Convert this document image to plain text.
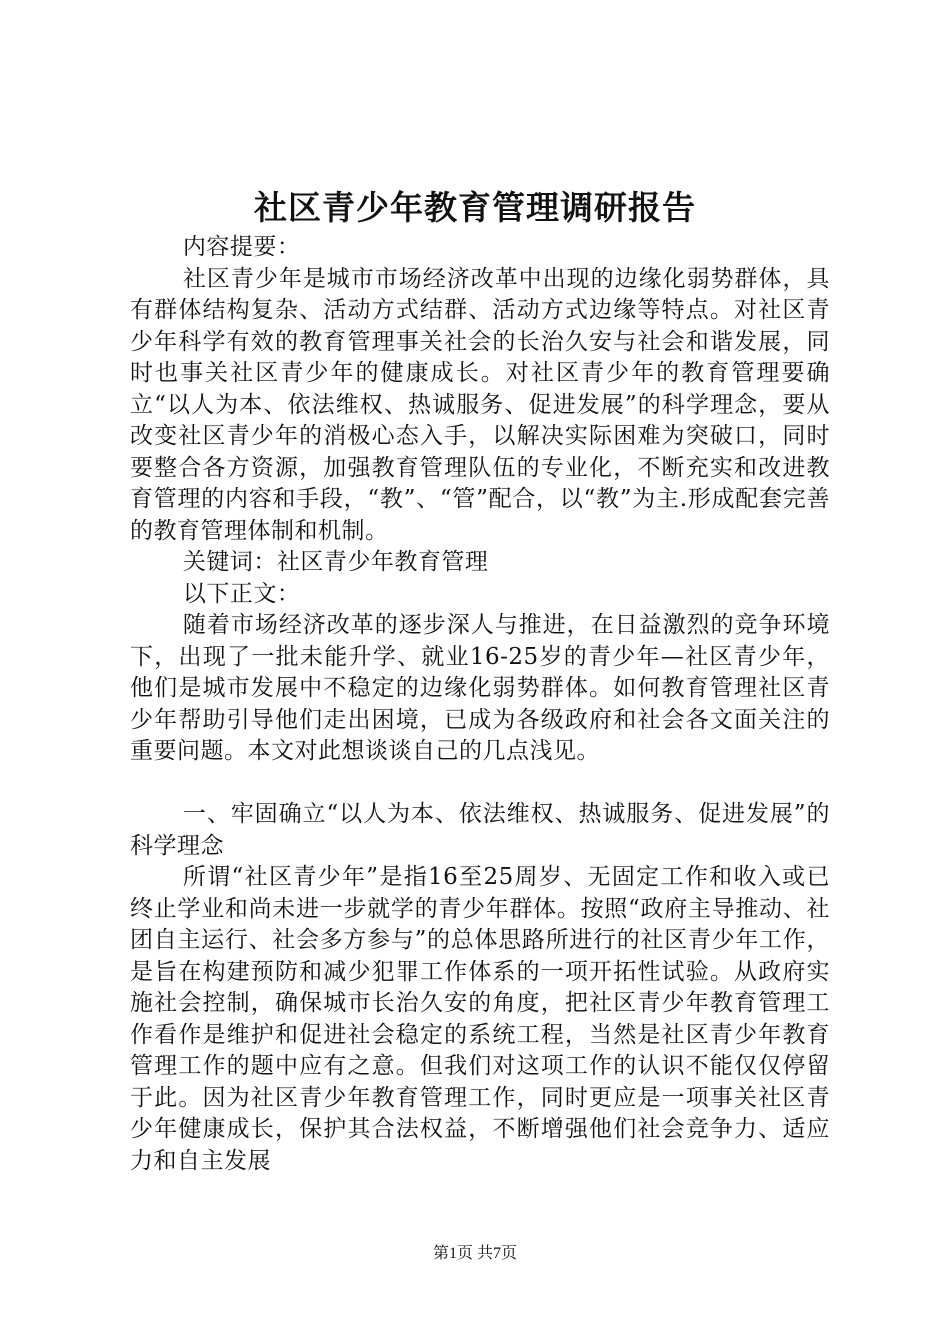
社区青少年教育管理调研报告

内容提要：

社区青少年是城市市场经济改革中出现的边缘化弱势群体，具有群体结构复杂、活动方式结群、活动方式边缘等特点。对社区青少年科学有效的教育管理事关社会的长治久安与社会和谐发展，同时也事关社区青少年的健康成长。对社区青少年的教育管理要确立“以人为本、依法维权、热诚服务、促进发展”的科学理念，要从改变社区青少年的消极心态入手，以解决实际困难为突破口，同时要整合各方资源，加强教育管理队伍的专业化，不断充实和改进教育管理的内容和手段，“教”、“管”配合，以“教”为主.形成配套完善的教育管理体制和机制。

关键词：社区青少年教育管理

以下正文：

随着市场经济改革的逐步深人与推进，在日益激烈的竞争环境下，出现了一批未能升学、就业16-25岁的青少年—社区青少年，他们是城市发展中不稳定的边缘化弱势群体。如何教育管理社区青少年帮助引导他们走出困境，已成为各级政府和社会各文面关注的重要问题。本文对此想谈谈自己的几点浅见。

一、牢固确立“以人为本、依法维权、热诚服务、促进发展”的科学理念

所谓“社区青少年”是指16至25周岁、无固定工作和收入或已终止学业和尚未进一步就学的青少年群体。按照“政府主导推动、社团自主运行、社会多方参与”的总体思路所进行的社区青少年工作，是旨在构建预防和减少犯罪工作体系的一项开拓性试验。从政府实施社会控制，确保城市长治久安的角度，把社区青少年教育管理工作看作是维护和促进社会稳定的系统工程，当然是社区青少年教育管理工作的题中应有之意。但我们对这项工作的认识不能仅仅停留于此。因为社区青少年教育管理工作，同时更应是一项事关社区青少年健康成长，保护其合法权益，不断增强他们社会竞争力、适应力和自主发展

第1页 共7页
